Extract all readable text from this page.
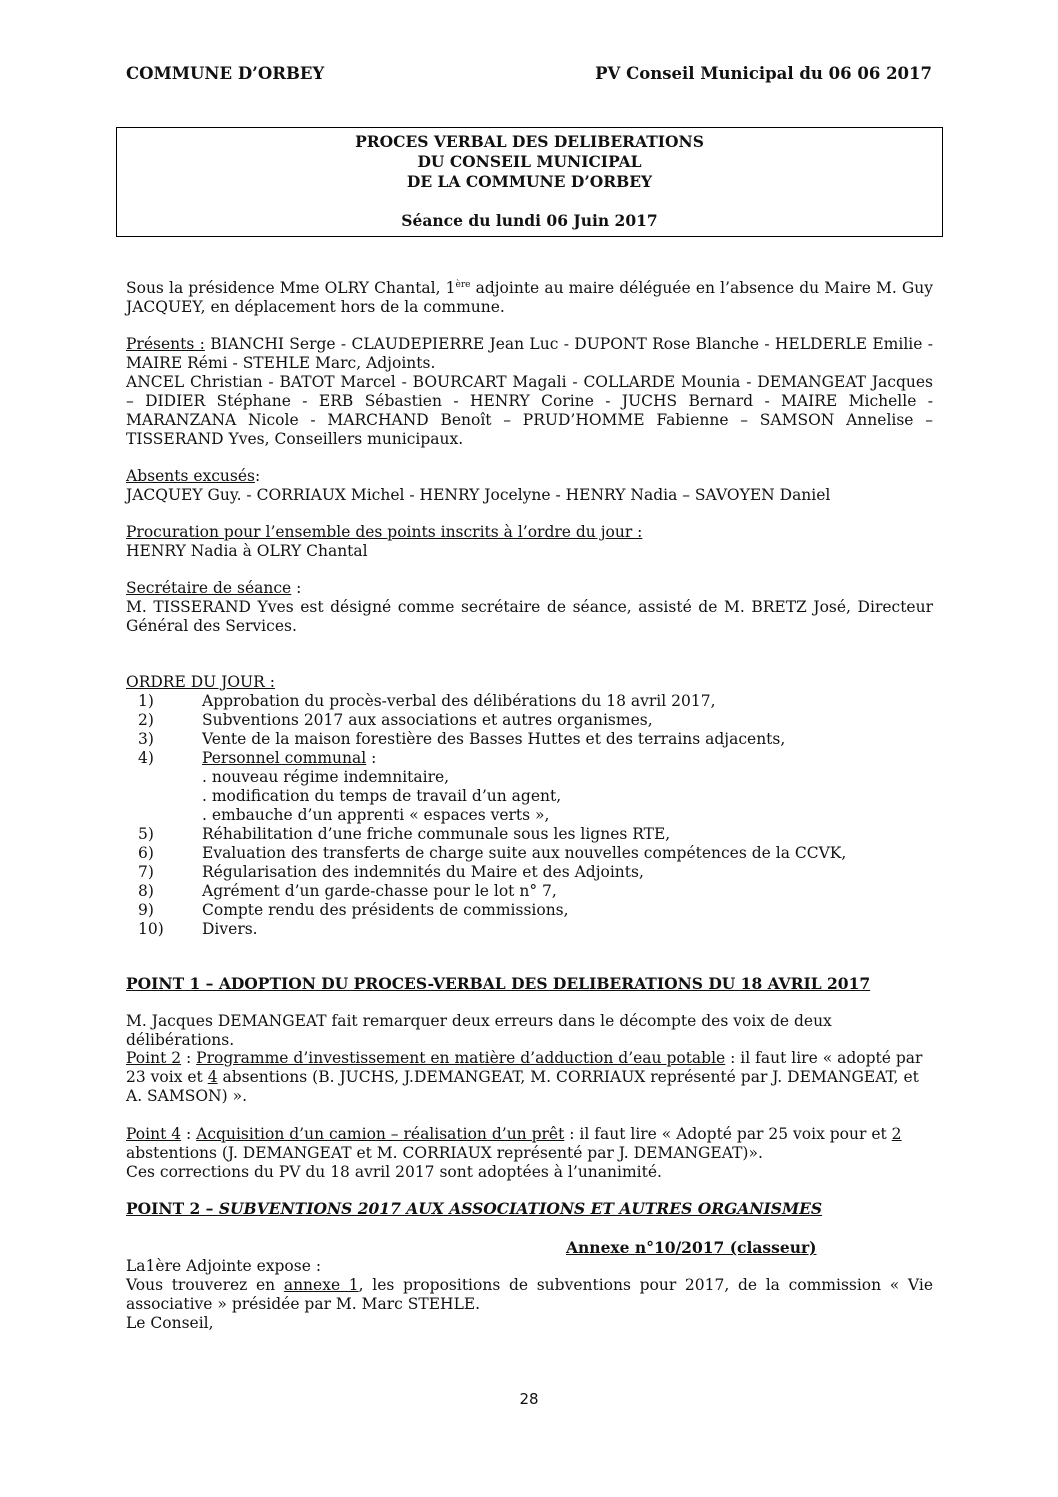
COMMUNE D’ORBEY	PV Conseil Municipal du 06 06 2017
PROCES VERBAL DES DELIBERATIONS
DU CONSEIL MUNICIPAL
DE LA COMMUNE D’ORBEY
Séance du lundi 06 Juin 2017
Sous la présidence Mme OLRY Chantal, 1ère adjointe au maire déléguée en l’absence du Maire M. Guy JACQUEY, en déplacement hors de la commune.
Présents : BIANCHI Serge - CLAUDEPIERRE Jean Luc - DUPONT Rose Blanche - HELDERLE Emilie - MAIRE Rémi - STEHLE Marc, Adjoints.
ANCEL Christian - BATOT Marcel - BOURCART Magali - COLLARDE Mounia - DEMANGEAT Jacques – DIDIER Stéphane - ERB Sébastien - HENRY Corine - JUCHS Bernard - MAIRE Michelle - MARANZANA Nicole - MARCHAND Benoît – PRUD’HOMME Fabienne – SAMSON Annelise – TISSERAND Yves, Conseillers municipaux.
Absents excusés:
JACQUEY Guy. - CORRIAUX Michel - HENRY Jocelyne - HENRY Nadia – SAVOYEN Daniel
Procuration pour l’ensemble des points inscrits à l’ordre du jour :
HENRY Nadia à OLRY Chantal
Secrétaire de séance :
M. TISSERAND Yves est désigné comme secrétaire de séance, assisté de M. BRETZ José, Directeur Général des Services.
ORDRE DU JOUR :
1)	Approbation du procès-verbal des délibérations du 18 avril 2017,
2)	Subventions 2017 aux associations et autres organismes,
3)	Vente de la maison forestière des Basses Huttes et des terrains adjacents,
4)	Personnel communal :
. nouveau régime indemnitaire,
. modification du temps de travail d’un agent,
. embauche d’un apprenti « espaces verts »,
5)	Réhabilitation d’une friche communale sous les lignes RTE,
6)	Evaluation des transferts de charge suite aux nouvelles compétences de la CCVK,
7)	Régularisation des indemnités du Maire et des Adjoints,
8)	Agrément d’un garde-chasse pour le lot n° 7,
9)	Compte rendu des présidents de commissions,
10) Divers.
POINT 1 – ADOPTION DU PROCES-VERBAL DES DELIBERATIONS DU 18 AVRIL 2017
M. Jacques DEMANGEAT fait remarquer deux erreurs dans le décompte des voix de deux délibérations.
Point 2 : Programme d’investissement en matière d’adduction d’eau potable : il faut lire « adopté par 23 voix et 4 absentions (B. JUCHS, J.DEMANGEAT, M. CORRIAUX représenté par J. DEMANGEAT, et A. SAMSON) ».
Point 4 : Acquisition d’un camion – réalisation d’un prêt : il faut lire « Adopté par 25 voix pour et 2 abstentions (J. DEMANGEAT et M. CORRIAUX représenté par J. DEMANGEAT)».
Ces corrections du PV du 18 avril 2017 sont adoptées à l’unanimité.
POINT 2 – SUBVENTIONS 2017 AUX ASSOCIATIONS ET AUTRES ORGANISMES
Annexe n°10/2017 (classeur)
La1ère Adjointe expose :
Vous trouverez en annexe 1, les propositions de subventions pour 2017, de la commission « Vie associative » présidée par M. Marc STEHLE.
Le Conseil,
28
